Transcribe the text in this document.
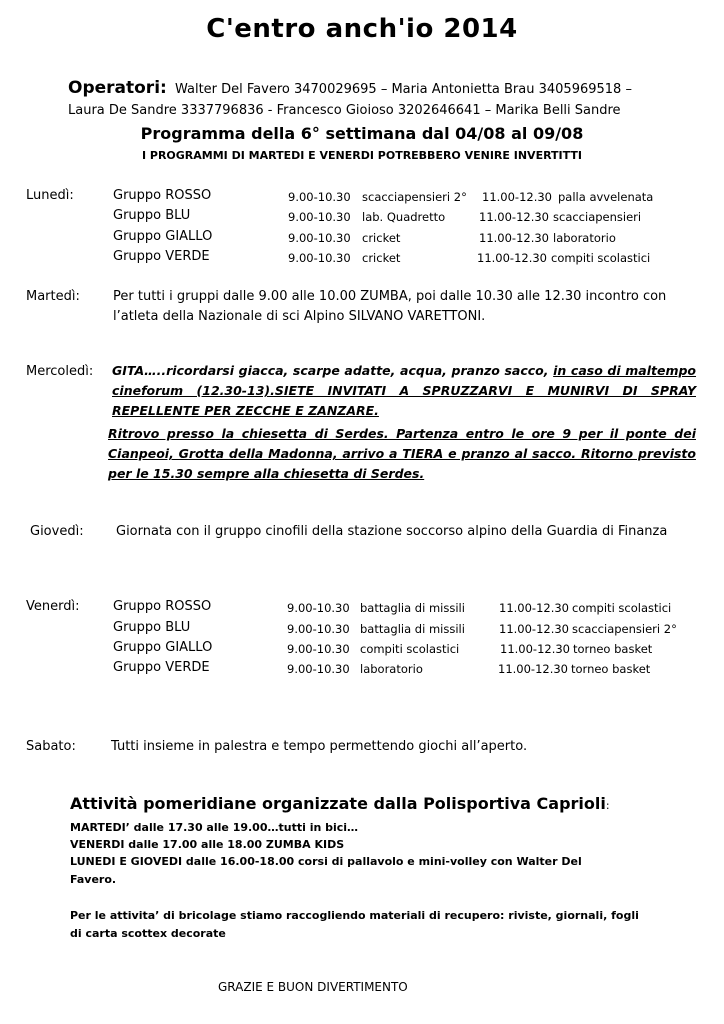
C'entro anch'io 2014
Operatori: Walter Del Favero 3470029695 – Maria Antonietta Brau 3405969518 –
Laura De Sandre 3337796836 - Francesco Gioioso 3202646641 – Marika Belli Sandre
Programma della 6° settimana dal 04/08 al 09/08
I PROGRAMMI DI MARTEDI E VENERDI POTREBBERO VENIRE INVERTITTI
Lunedì:	Gruppo ROSSO	9.00-10.30 scacciapensieri 2° 11.00-12.30 palla avvelenata
Gruppo BLU	9.00-10.30 lab. Quadretto	11.00-12.30 scacciapensieri
Gruppo GIALLO	9.00-10.30 cricket	11.00-12.30 laboratorio
Gruppo VERDE	9.00-10.30 cricket	11.00-12.30 compiti scolastici
Martedì:	Per tutti i gruppi dalle 9.00 alle 10.00 ZUMBA, poi dalle 10.30 alle 12.30 incontro con
l’atleta della Nazionale di sci Alpino SILVANO VARETTONI.
Mercoledì: GITA…..ricordarsi giacca, scarpe adatte, acqua, pranzo sacco, in caso di maltempo cineforum (12.30-13).SIETE INVITATI A SPRUZZARVI E MUNIRVI DI SPRAY REPELLENTE PER ZECCHE E ZANZARE.
Ritrovo presso la chiesetta di Serdes. Partenza entro le ore 9 per il ponte dei Cianpeoi, Grotta della Madonna, arrivo a TIERA e pranzo al sacco. Ritorno previsto per le 15.30 sempre alla chiesetta di Serdes.
Giovedì: Giornata con il gruppo cinofili della stazione soccorso alpino della Guardia di Finanza
Venerdì:	Gruppo ROSSO	9.00-10.30 battaglia di missili	11.00-12.30 compiti scolastici
Gruppo BLU	9.00-10.30 battaglia di missili	11.00-12.30 scacciapensieri 2°
Gruppo GIALLO	9.00-10.30 compiti scolastici	11.00-12.30 torneo basket
Gruppo VERDE	9.00-10.30 laboratorio	11.00-12.30 torneo basket
Sabato:	Tutti insieme in palestra e tempo permettendo giochi all’aperto.
Attività pomeridiane organizzate dalla Polisportiva Caprioli:
MARTEDI’ dalle 17.30 alle 19.00…tutti in bici…
VENERDI dalle 17.00 alle 18.00 ZUMBA KIDS
LUNEDI E GIOVEDI dalle 16.00-18.00 corsi di pallavolo e mini-volley con Walter Del
Favero.
Per le attivita’ di bricolage stiamo raccogliendo materiali di recupero: riviste, giornali, fogli
di carta scottex decorate
GRAZIE E BUON DIVERTIMENTO
